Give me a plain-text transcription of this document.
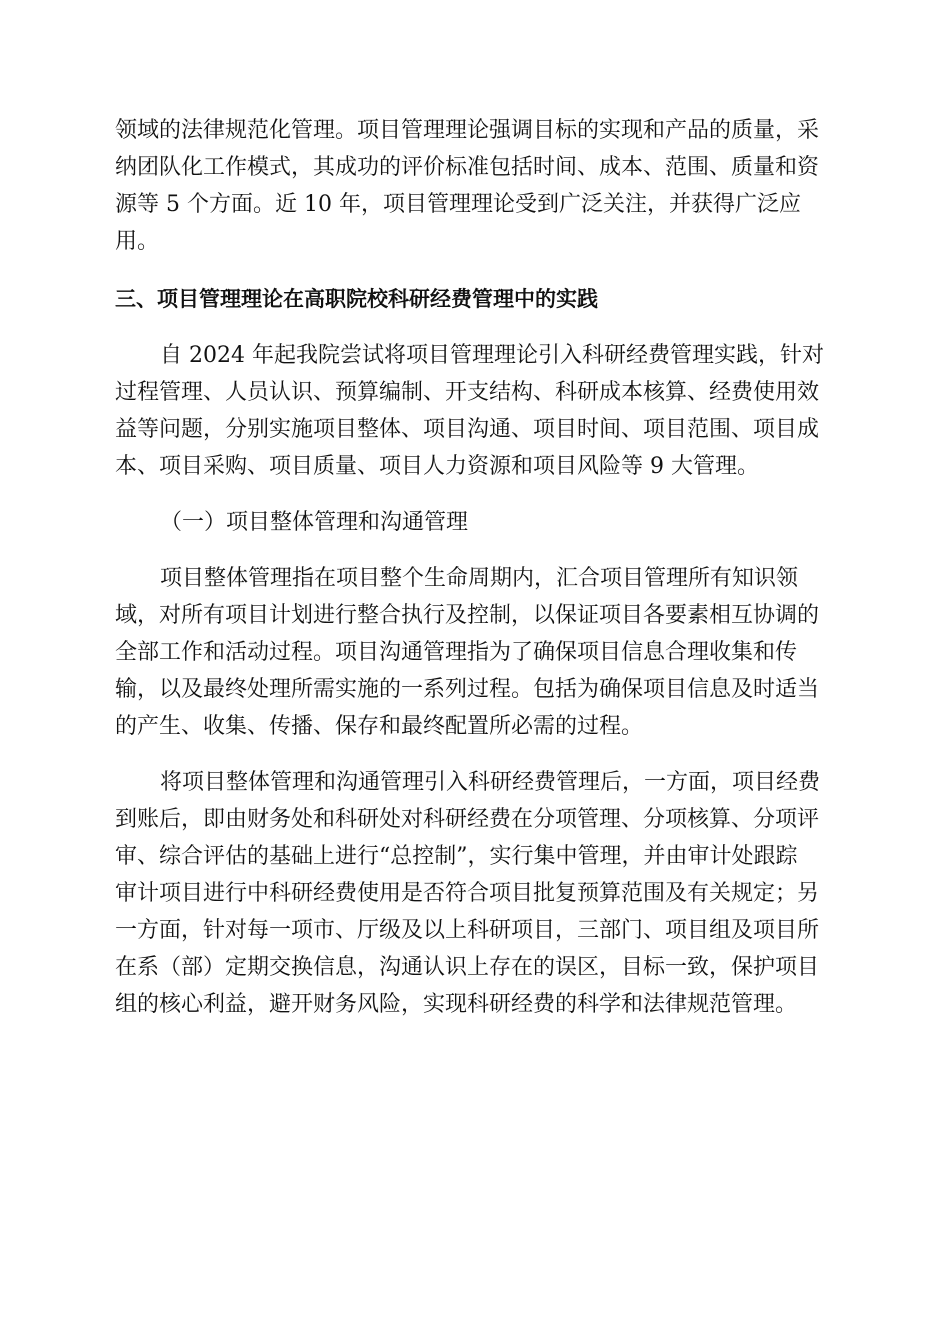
领域的法律规范化管理。项目管理理论强调目标的实现和产品的质量，采
纳团队化工作模式，其成功的评价标准包括时间、成本、范围、质量和资
源等 5 个方面。近 10 年，项目管理理论受到广泛关注，并获得广泛应
用。
三、项目管理理论在高职院校科研经费管理中的实践
自 2024 年起我院尝试将项目管理理论引入科研经费管理实践，针对
过程管理、人员认识、预算编制、开支结构、科研成本核算、经费使用效
益等问题，分别实施项目整体、项目沟通、项目时间、项目范围、项目成
本、项目采购、项目质量、项目人力资源和项目风险等 9 大管理。
（一）项目整体管理和沟通管理
项目整体管理指在项目整个生命周期内，汇合项目管理所有知识领
域，对所有项目计划进行整合执行及控制，以保证项目各要素相互协调的
全部工作和活动过程。项目沟通管理指为了确保项目信息合理收集和传
输，以及最终处理所需实施的一系列过程。包括为确保项目信息及时适当
的产生、收集、传播、保存和最终配置所必需的过程。
将项目整体管理和沟通管理引入科研经费管理后，一方面，项目经费
到账后，即由财务处和科研处对科研经费在分项管理、分项核算、分项评
审、综合评估的基础上进行“总控制”，实行集中管理，并由审计处跟踪
审计项目进行中科研经费使用是否符合项目批复预算范围及有关规定；另
一方面，针对每一项市、厅级及以上科研项目，三部门、项目组及项目所
在系（部）定期交换信息，沟通认识上存在的误区，目标一致，保护项目
组的核心利益，避开财务风险，实现科研经费的科学和法律规范管理。
